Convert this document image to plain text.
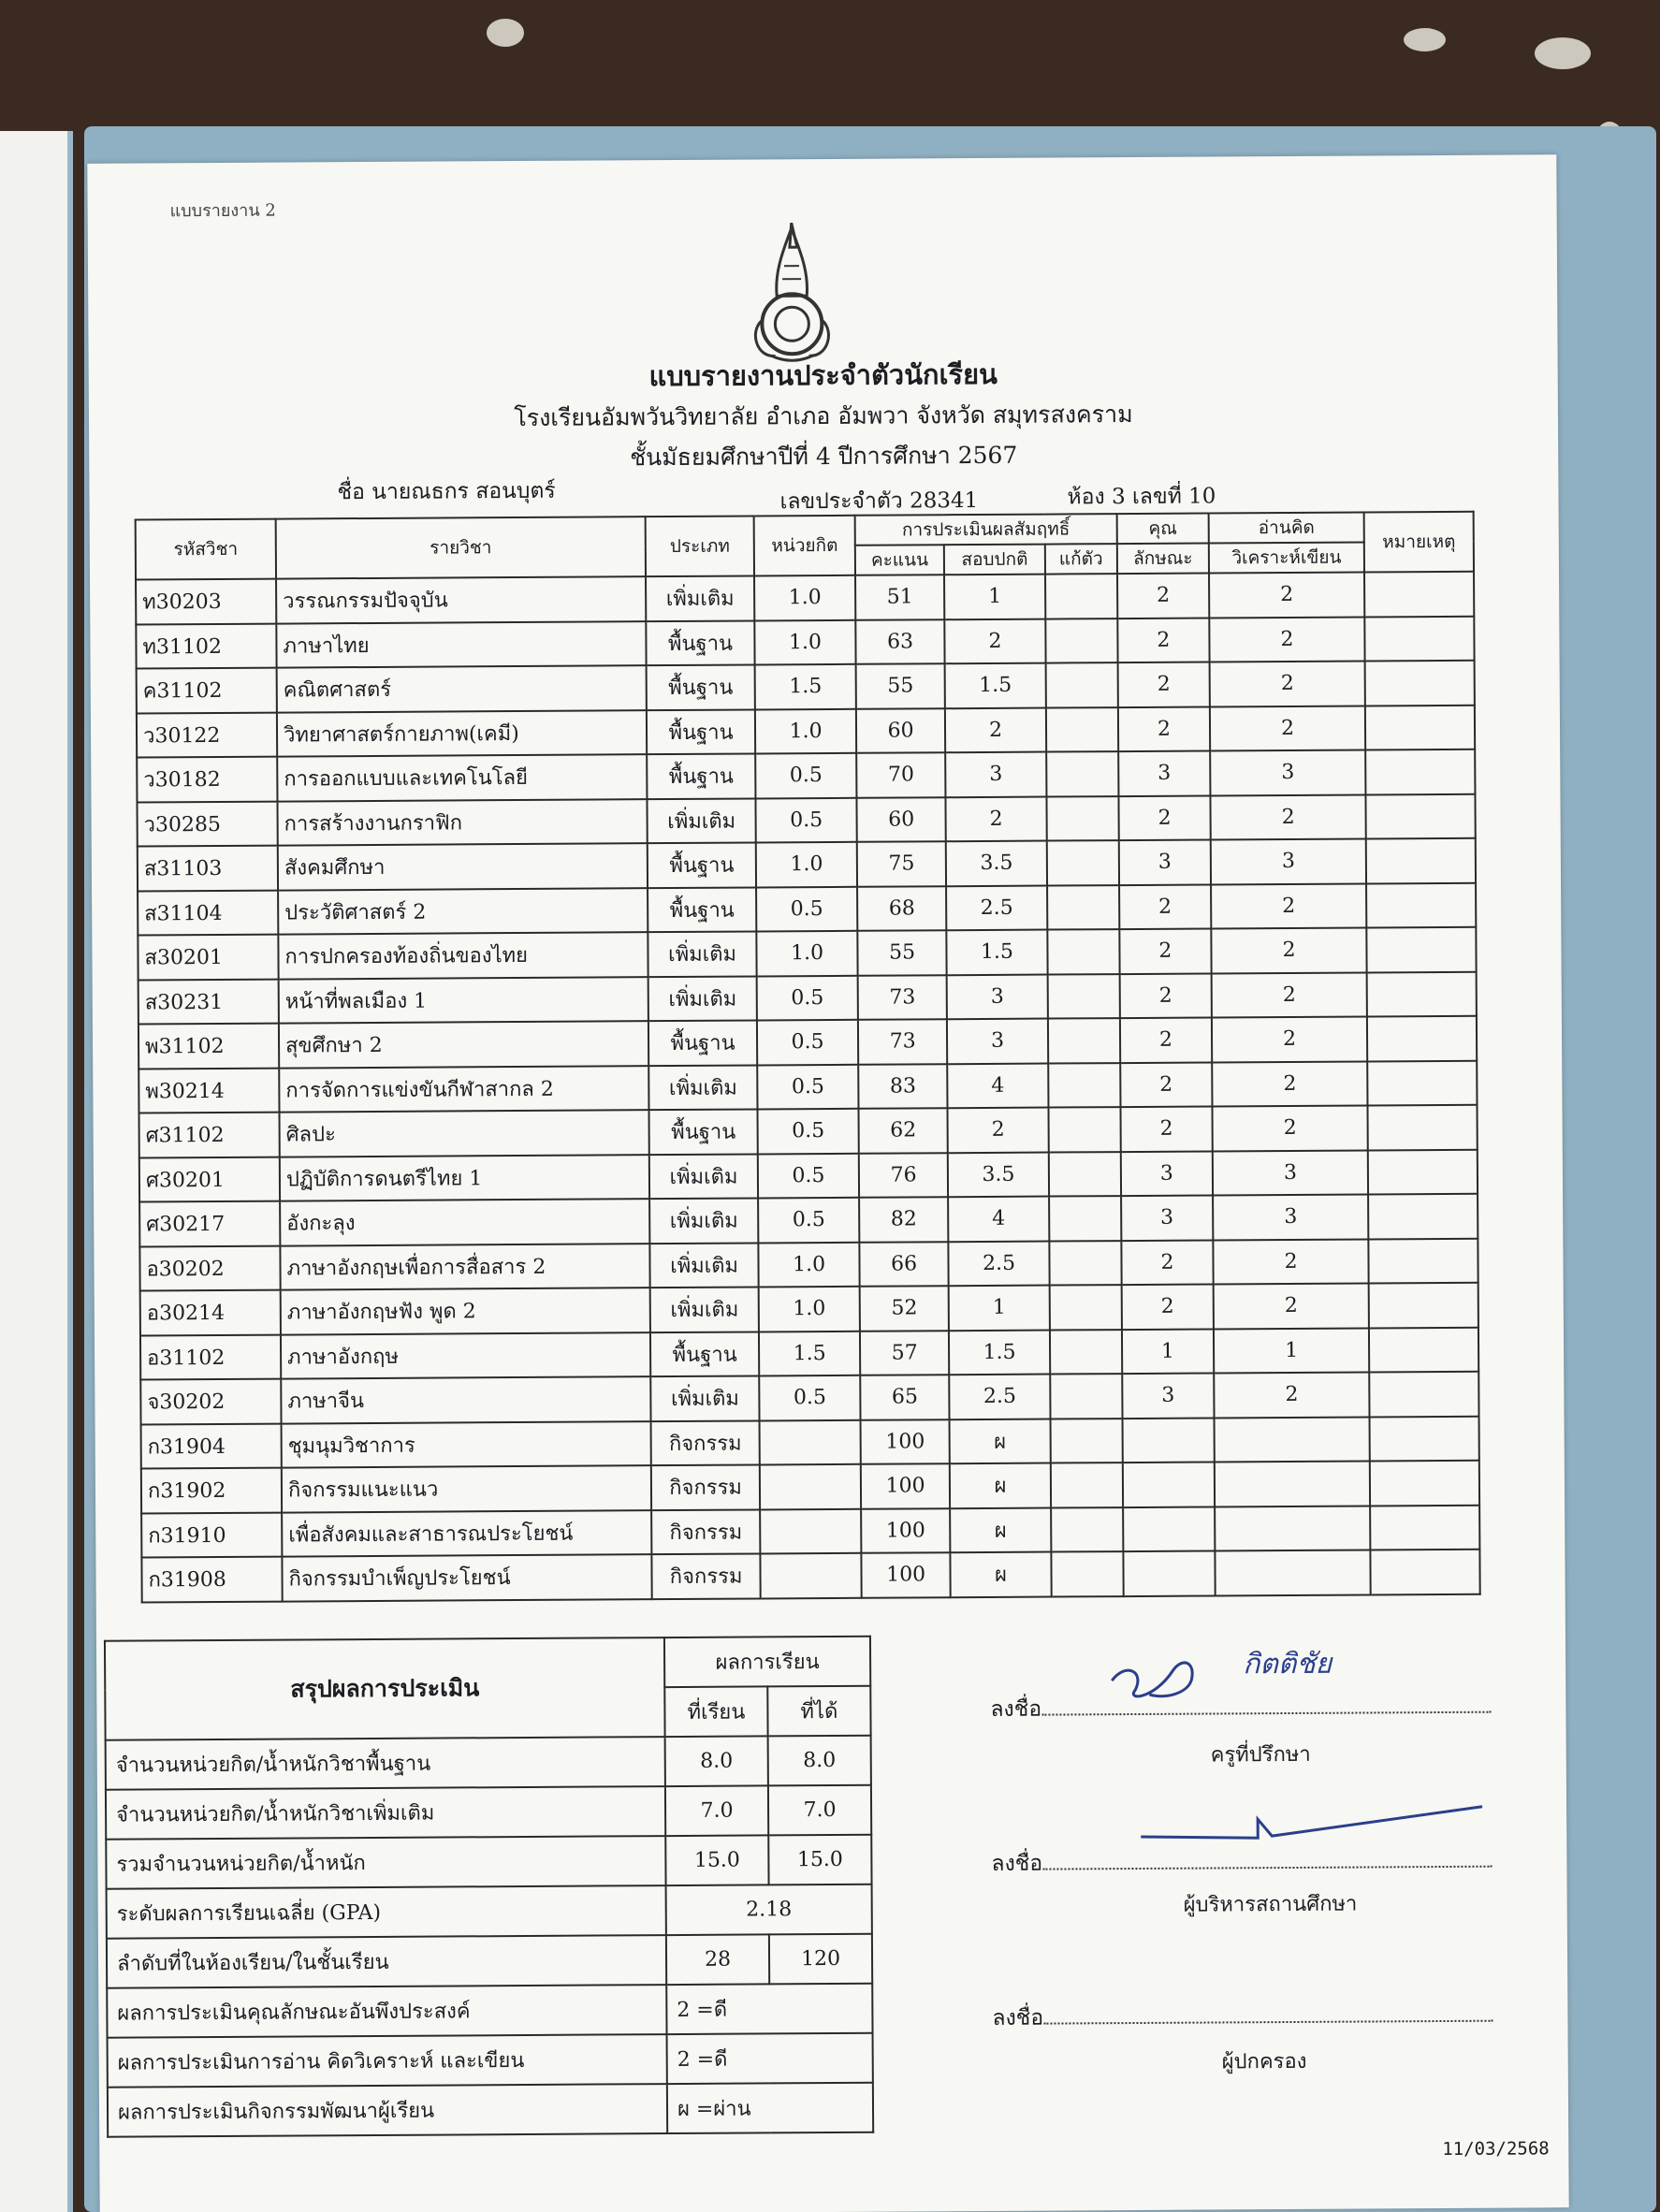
แบบรายงาน 2
แบบรายงานประจำตัวนักเรียน
โรงเรียนอัมพวันวิทยาลัย อำเภอ อัมพวา จังหวัด สมุทรสงคราม
ชั้นมัธยมศึกษาปีที่ 4 ปีการศึกษา 2567
ชื่อ นายณธกร สอนบุตร์	เลขประจำตัว 28341	ห้อง 3 เลขที่ 10
รหัสวิชา	รายวิชา	ประเภท	หน่วยกิต	การประเมินผลสัมฤทธิ์			คุณ	อ่านคิด	หมายเหตุ
				คะแนน	สอบปกติ	แก้ตัว	ลักษณะ	วิเคราะห์เขียน	
ท30203	วรรณกรรมปัจจุบัน	เพิ่มเติม	1.0	51	1		2	2	
ท31102	ภาษาไทย	พื้นฐาน	1.0	63	2		2	2	
ค31102	คณิตศาสตร์	พื้นฐาน	1.5	55	1.5		2	2	
ว30122	วิทยาศาสตร์กายภาพ(เคมี)	พื้นฐาน	1.0	60	2		2	2	
ว30182	การออกแบบและเทคโนโลยี	พื้นฐาน	0.5	70	3		3	3	
ว30285	การสร้างงานกราฟิก	เพิ่มเติม	0.5	60	2		2	2	
ส31103	สังคมศึกษา	พื้นฐาน	1.0	75	3.5		3	3	
ส31104	ประวัติศาสตร์ 2	พื้นฐาน	0.5	68	2.5		2	2	
ส30201	การปกครองท้องถิ่นของไทย	เพิ่มเติม	1.0	55	1.5		2	2	
ส30231	หน้าที่พลเมือง 1	เพิ่มเติม	0.5	73	3		2	2	
พ31102	สุขศึกษา 2	พื้นฐาน	0.5	73	3		2	2	
พ30214	การจัดการแข่งขันกีฬาสากล 2	เพิ่มเติม	0.5	83	4		2	2	
ศ31102	ศิลปะ	พื้นฐาน	0.5	62	2		2	2	
ศ30201	ปฏิบัติการดนตรีไทย 1	เพิ่มเติม	0.5	76	3.5		3	3	
ศ30217	อังกะลุง	เพิ่มเติม	0.5	82	4		3	3	
อ30202	ภาษาอังกฤษเพื่อการสื่อสาร 2	เพิ่มเติม	1.0	66	2.5		2	2	
อ30214	ภาษาอังกฤษฟัง พูด 2	เพิ่มเติม	1.0	52	1		2	2	
อ31102	ภาษาอังกฤษ	พื้นฐาน	1.5	57	1.5		1	1	
จ30202	ภาษาจีน	เพิ่มเติม	0.5	65	2.5		3	2	
ก31904	ชุมนุมวิชาการ	กิจกรรม		100	ผ				
ก31902	กิจกรรมแนะแนว	กิจกรรม		100	ผ				
ก31910	เพื่อสังคมและสาธารณประโยชน์	กิจกรรม		100	ผ				
ก31908	กิจกรรมบำเพ็ญประโยชน์	กิจกรรม		100	ผ				
สรุปผลการประเมิน	ผลการเรียน	
	ที่เรียน	ที่ได้
จำนวนหน่วยกิต/น้ำหนักวิชาพื้นฐาน	8.0	8.0
จำนวนหน่วยกิต/น้ำหนักวิชาเพิ่มเติม	7.0	7.0
รวมจำนวนหน่วยกิต/น้ำหนัก	15.0	15.0
ระดับผลการเรียนเฉลี่ย (GPA)	2.18	
ลำดับที่ในห้องเรียน/ในชั้นเรียน	28	120
ผลการประเมินคุณลักษณะอันพึงประสงค์	2 =ดี	
ผลการประเมินการอ่าน คิดวิเคราะห์ และเขียน	2 =ดี	
ผลการประเมินกิจกรรมพัฒนาผู้เรียน	ผ =ผ่าน	
ลงชื่อ
กิตติชัย
ครูที่ปรึกษา
ลงชื่อ
ผู้บริหารสถานศึกษา
ลงชื่อ
ผู้ปกครอง
11/03/2568
